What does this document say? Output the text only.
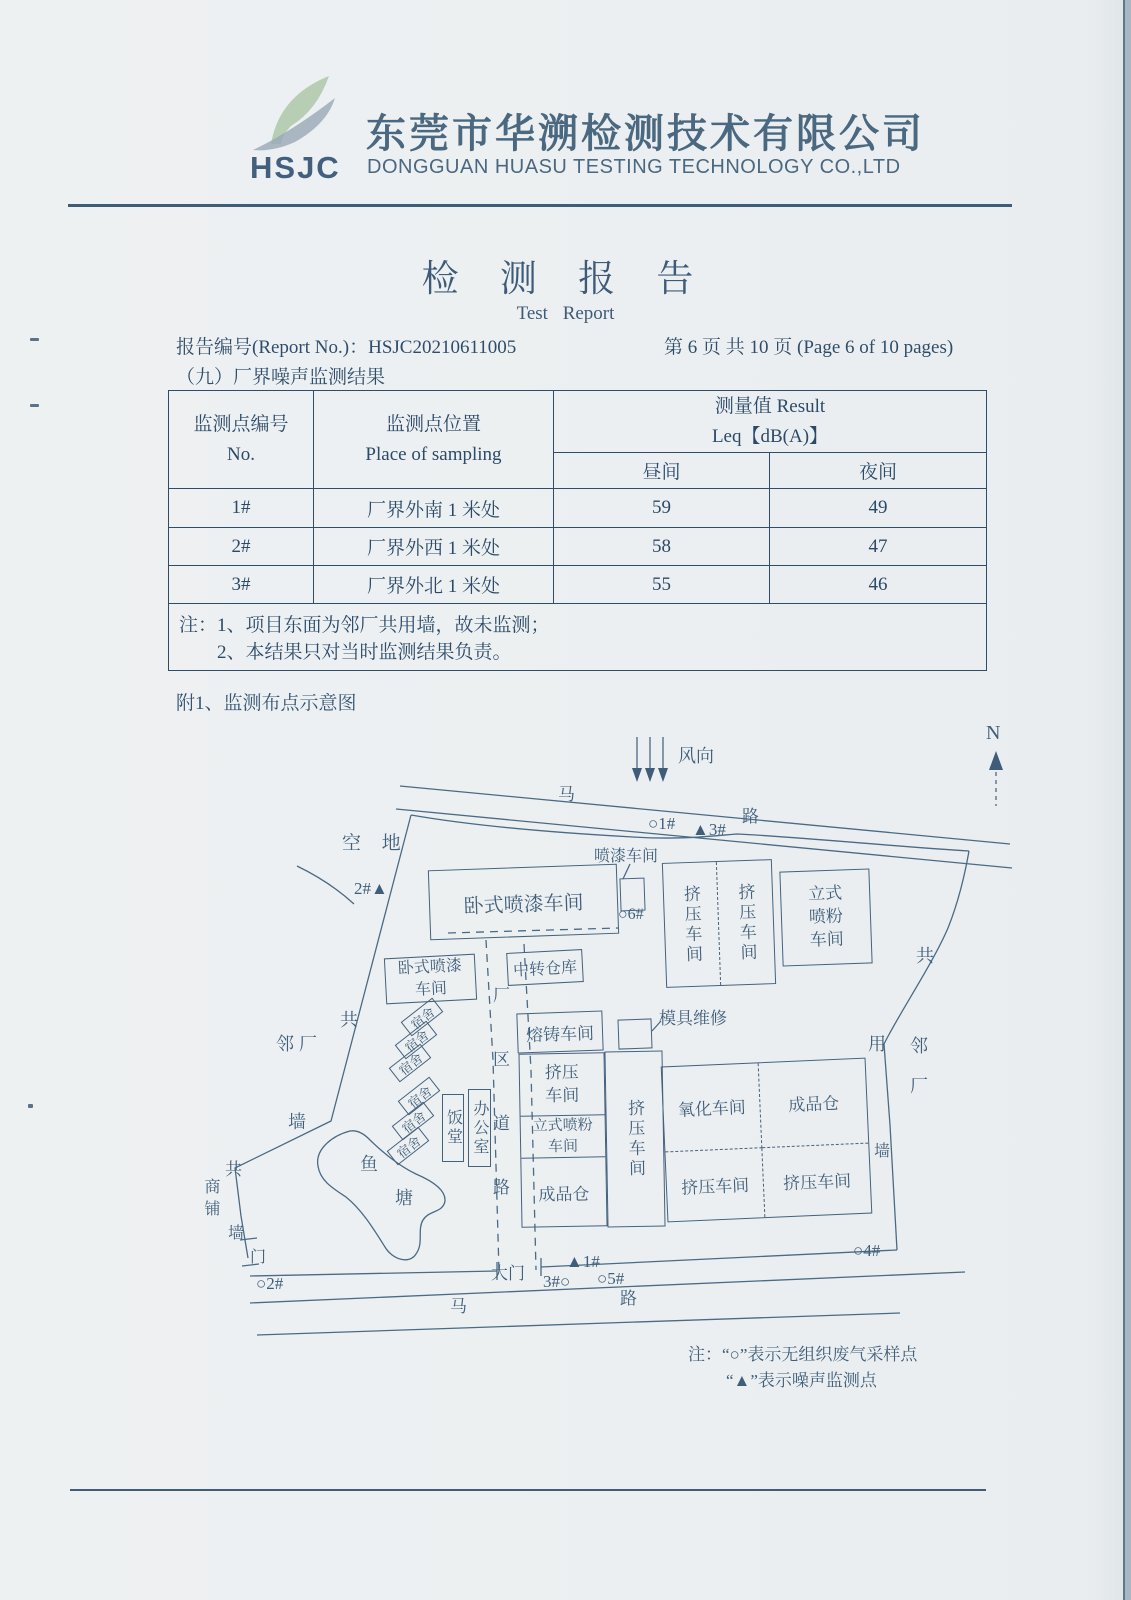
HSJC
东莞市华溯检测技术有限公司
DONGGUAN HUASU TESTING TECHNOLOGY CO.,LTD
检 测 报 告
Test Report
报告编号(Report No.)：HSJC20210611005	第 6 页 共 10 页 (Page 6 of 10 pages)
（九）厂界噪声监测结果
监测点编号
No.

监测点位置
Place of sampling

测量值 Result
Leq【dB(A)】

		昼间	夜间
1#	厂界外南 1 米处	59	49
2#	厂界外西 1 米处	58	47
3#	厂界外北 1 米处	55	46

注：1、项目东面为邻厂共用墙，故未监测；
2、本结果只对当时监测结果负责。			
附1、监测布点示意图
卧式喷漆车间	挤压车间 挤压车间	立式喷粉车间
卧式喷漆车间
中转仓库
熔铸车间
宿舍
宿舍
宿舍
宿舍
宿舍
宿舍 饭堂 办公室
挤压车间
立式喷粉车间
成品仓
挤压车间 氧化车间 成品仓
挤压车间 挤压车间
风向
N
马
路
空 地
○1# ▲3#
2#▲
喷漆车间
○6#
模具维修
鱼
塘	厂区道路
大门
▲1#
3#○ ○5#
○4#
○2#
马	路
共
邻厂
墙
共
商铺
墙
门
共
用 邻
厂
墙
注：“○”表示无组织废气采样点
“▲”表示噪声监测点
